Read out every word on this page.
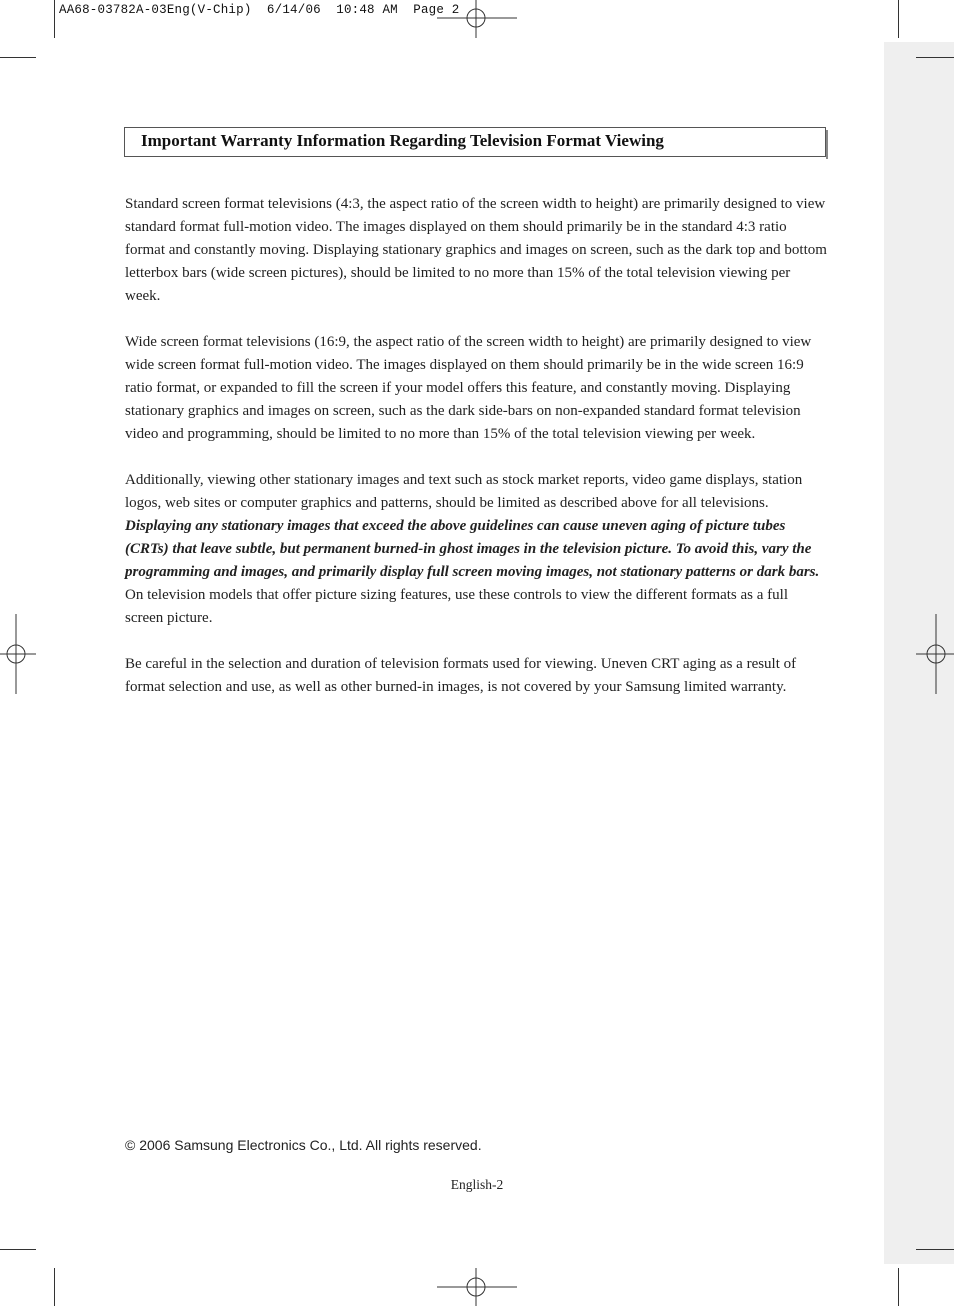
AA68-03782A-03Eng(V-Chip)  6/14/06  10:48 AM  Page 2
Important Warranty Information Regarding Television Format Viewing

Standard screen format televisions (4:3, the aspect ratio of the screen width to height) are primarily designed to view standard format full-motion video. The images displayed on them should primarily be in the standard 4:3 ratio format and constantly moving. Displaying stationary graphics and images on screen, such as the dark top and bottom letterbox bars (wide screen pictures), should be limited to no more than 15% of the total television viewing per week.

Wide screen format televisions (16:9, the aspect ratio of the screen width to height) are primarily designed to view wide screen format full-motion video. The images displayed on them should primarily be in the wide screen 16:9 ratio format, or expanded to fill the screen if your model offers this feature, and constantly moving. Displaying stationary graphics and images on screen, such as the dark side-bars on non-expanded standard format television video and programming, should be limited to no more than 15% of the total television viewing per week.

Additionally, viewing other stationary images and text such as stock market reports, video game displays, station logos, web sites or computer graphics and patterns, should be limited as described above for all televisions. Displaying any stationary images that exceed the above guidelines can cause uneven aging of picture tubes (CRTs) that leave subtle, but permanent burned-in ghost images in the television picture. To avoid this, vary the programming and images, and primarily display full screen moving images, not stationary patterns or dark bars. On television models that offer picture sizing features, use these controls to view the different formats as a full screen picture.

Be careful in the selection and duration of television formats used for viewing. Uneven CRT aging as a result of format selection and use, as well as other burned-in images, is not covered by your Samsung limited warranty.

© 2006 Samsung Electronics Co., Ltd. All rights reserved.
English-2
